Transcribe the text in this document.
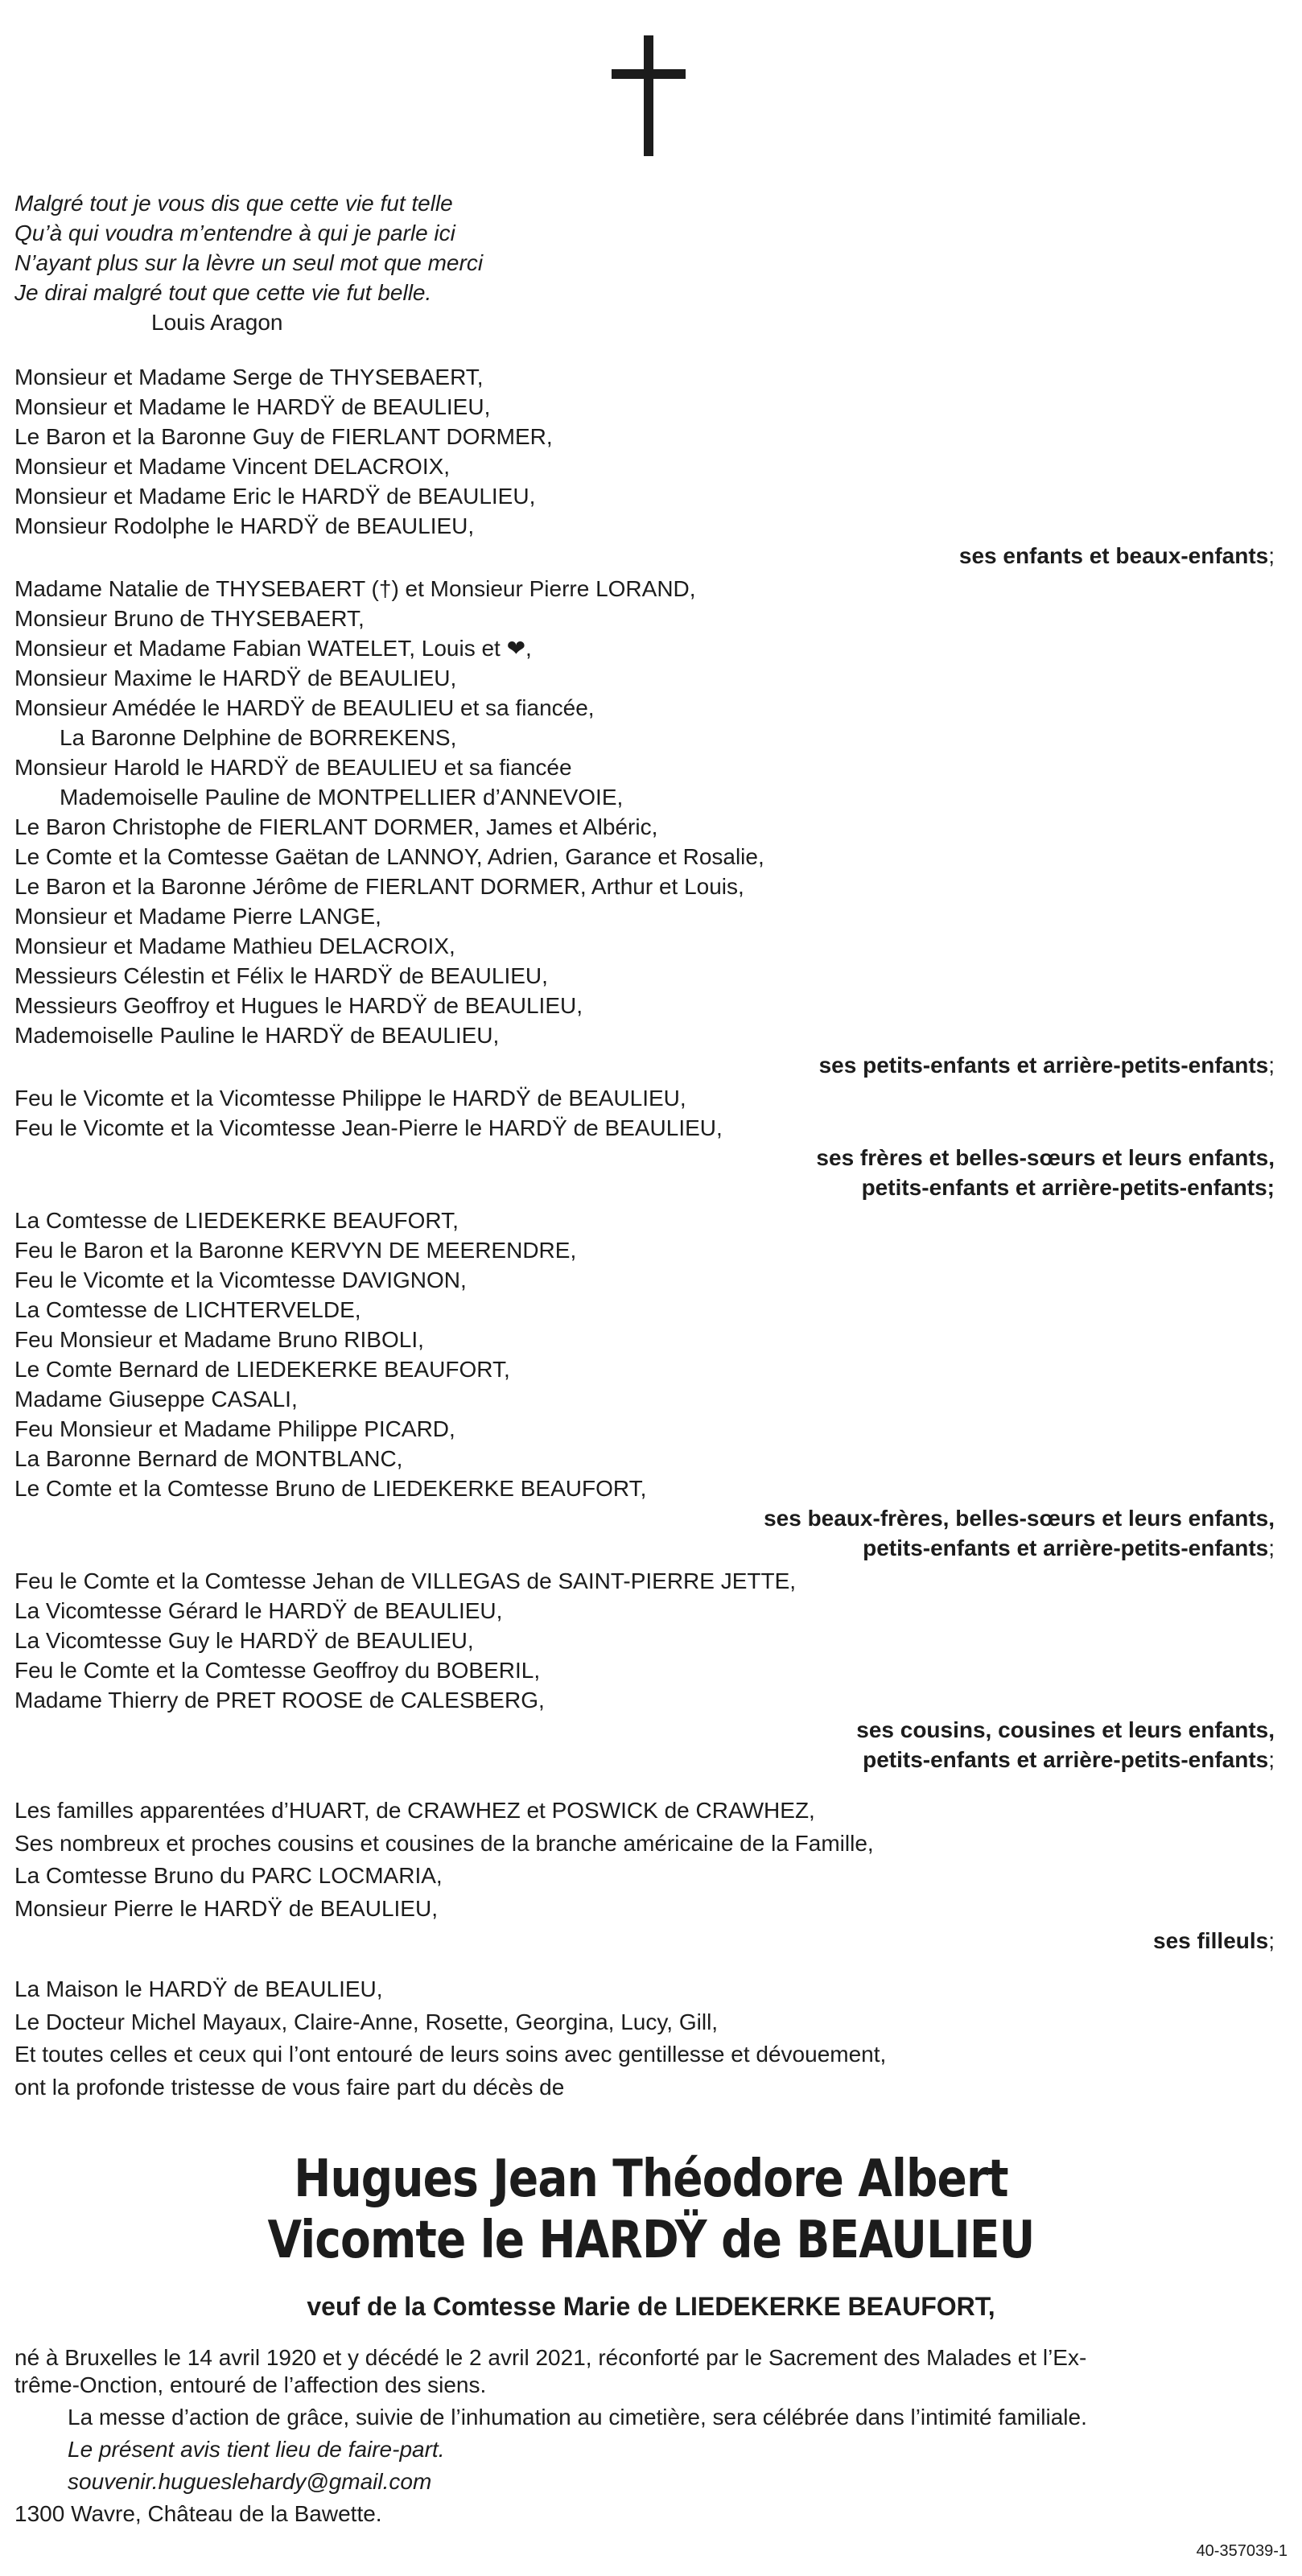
Malgré tout je vous dis que cette vie fut telle
Qu’à qui voudra m’entendre à qui je parle ici
N’ayant plus sur la lèvre un seul mot que merci
Je dirai malgré tout que cette vie fut belle.
Louis Aragon
Monsieur et Madame Serge de THYSEBAERT,
Monsieur et Madame le HARDŸ de BEAULIEU,
Le Baron et la Baronne Guy de FIERLANT DORMER,
Monsieur et Madame Vincent DELACROIX,
Monsieur et Madame Eric le HARDŸ de BEAULIEU,
Monsieur Rodolphe le HARDŸ de BEAULIEU,
ses enfants et beaux-enfants;
Madame Natalie de THYSEBAERT (†) et Monsieur Pierre LORAND,
Monsieur Bruno de THYSEBAERT,
Monsieur et Madame Fabian WATELET, Louis et ❤,
Monsieur Maxime le HARDŸ de BEAULIEU,
Monsieur Amédée le HARDŸ de BEAULIEU et sa fiancée,
La Baronne Delphine de BORREKENS,
Monsieur Harold le HARDŸ de BEAULIEU et sa fiancée
Mademoiselle Pauline de MONTPELLIER d’ANNEVOIE,
Le Baron Christophe de FIERLANT DORMER, James et Albéric,
Le Comte et la Comtesse Gaëtan de LANNOY, Adrien, Garance et Rosalie,
Le Baron et la Baronne Jérôme de FIERLANT DORMER, Arthur et Louis,
Monsieur et Madame Pierre LANGE,
Monsieur et Madame Mathieu DELACROIX,
Messieurs Célestin et Félix le HARDŸ de BEAULIEU,
Messieurs Geoffroy et Hugues le HARDŸ de BEAULIEU,
Mademoiselle Pauline le HARDŸ de BEAULIEU,
ses petits-enfants et arrière-petits-enfants;
Feu le Vicomte et la Vicomtesse Philippe le HARDŸ de BEAULIEU,
Feu le Vicomte et la Vicomtesse Jean-Pierre le HARDŸ de BEAULIEU,
ses frères et belles-sœurs et leurs enfants,
petits-enfants et arrière-petits-enfants;
La Comtesse de LIEDEKERKE BEAUFORT,
Feu le Baron et la Baronne KERVYN DE MEERENDRE,
Feu le Vicomte et la Vicomtesse DAVIGNON,
La Comtesse de LICHTERVELDE,
Feu Monsieur et Madame Bruno RIBOLI,
Le Comte Bernard de LIEDEKERKE BEAUFORT,
Madame Giuseppe CASALI,
Feu Monsieur et Madame Philippe PICARD,
La Baronne Bernard de MONTBLANC,
Le Comte et la Comtesse Bruno de LIEDEKERKE BEAUFORT,
ses beaux-frères, belles-sœurs et leurs enfants,
petits-enfants et arrière-petits-enfants;
Feu le Comte et la Comtesse Jehan de VILLEGAS de SAINT-PIERRE JETTE,
La Vicomtesse Gérard le HARDŸ de BEAULIEU,
La Vicomtesse Guy le HARDŸ de BEAULIEU,
Feu le Comte et la Comtesse Geoffroy du BOBERIL,
Madame Thierry de PRET ROOSE de CALESBERG,
ses cousins, cousines et leurs enfants,
petits-enfants et arrière-petits-enfants;
Les familles apparentées d’HUART, de CRAWHEZ et POSWICK de CRAWHEZ,
Ses nombreux et proches cousins et cousines de la branche américaine de la Famille,
La Comtesse Bruno du PARC LOCMARIA,
Monsieur Pierre le HARDŸ de BEAULIEU,
ses filleuls;
La Maison le HARDŸ de BEAULIEU,
Le Docteur Michel Mayaux, Claire-Anne, Rosette, Georgina, Lucy, Gill,
Et toutes celles et ceux qui l’ont entouré de leurs soins avec gentillesse et dévouement,
ont la profonde tristesse de vous faire part du décès de
Hugues Jean Théodore Albert
Vicomte le HARDŸ de BEAULIEU
veuf de la Comtesse Marie de LIEDEKERKE BEAUFORT,
né à Bruxelles le 14 avril 1920 et y décédé le 2 avril 2021, réconforté par le Sacrement des Malades et l’Ex-
trême-Onction, entouré de l’affection des siens.
La messe d’action de grâce, suivie de l’inhumation au cimetière, sera célébrée dans l’intimité familiale.
Le présent avis tient lieu de faire-part.
souvenir.hugueslehardy@gmail.com
1300 Wavre, Château de la Bawette.
40-357039-1
